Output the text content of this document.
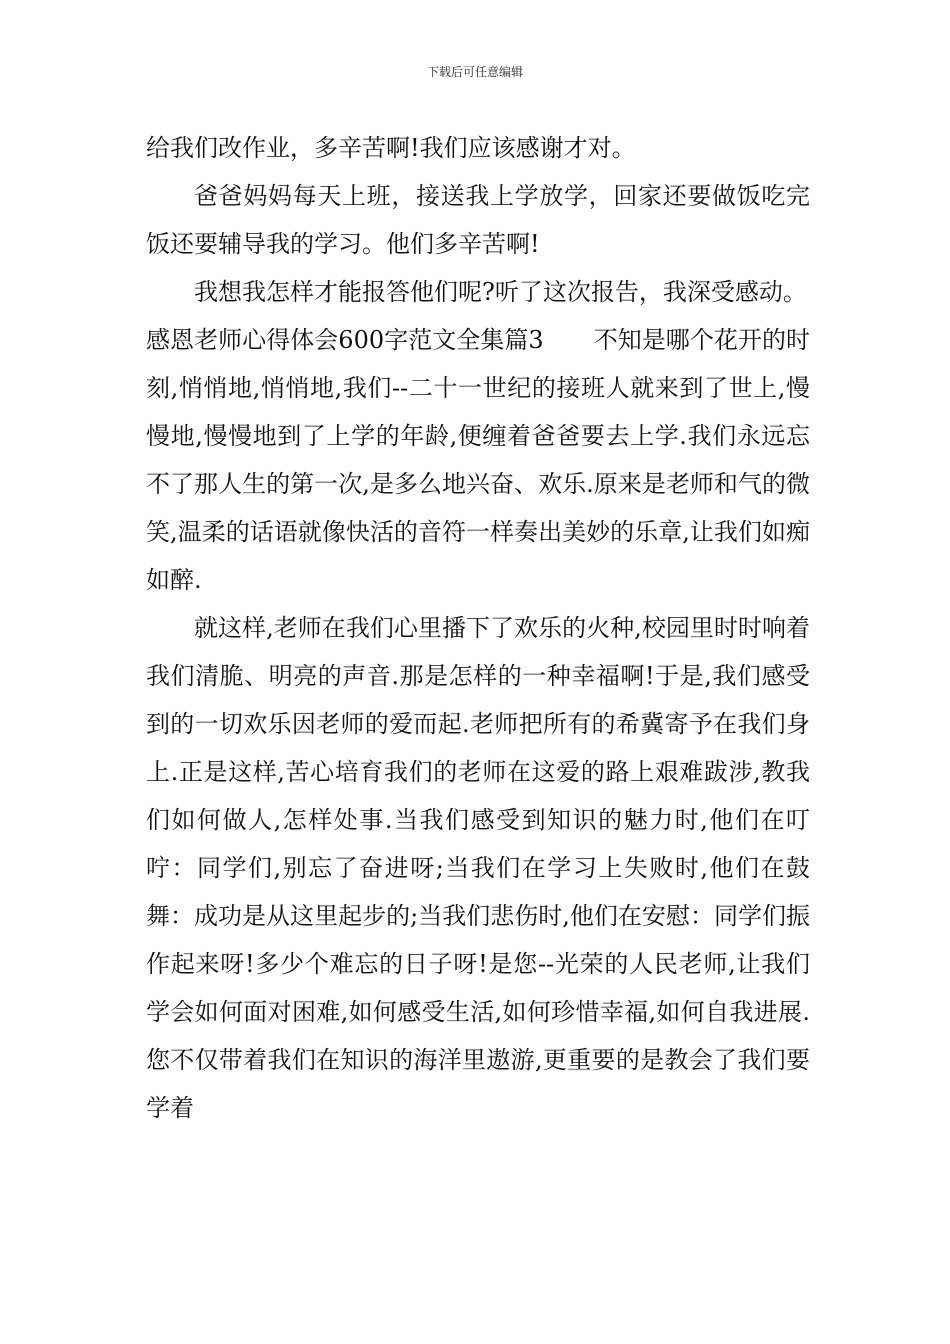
下载后可任意编辑

给我们改作业，多辛苦啊!我们应该感谢才对。

爸爸妈妈每天上班，接送我上学放学，回家还要做饭吃完饭还要辅导我的学习。他们多辛苦啊!

我想我怎样才能报答他们呢?听了这次报告，我深受感动。

感恩老师心得体会600字范文全集篇3 不知是哪个花开的时刻,悄悄地,悄悄地,我们--二十一世纪的接班人就来到了世上,慢慢地,慢慢地到了上学的年龄,便缠着爸爸要去上学.我们永远忘不了那人生的第一次,是多么地兴奋、欢乐.原来是老师和气的微笑,温柔的话语就像快活的音符一样奏出美妙的乐章,让我们如痴如醉.

就这样,老师在我们心里播下了欢乐的火种,校园里时时响着我们清脆、明亮的声音.那是怎样的一种幸福啊!于是,我们感受到的一切欢乐因老师的爱而起.老师把所有的希冀寄予在我们身上.正是这样,苦心培育我们的老师在这爱的路上艰难跋涉,教我们如何做人,怎样处事.当我们感受到知识的魅力时,他们在叮咛：同学们,别忘了奋进呀;当我们在学习上失败时,他们在鼓舞：成功是从这里起步的;当我们悲伤时,他们在安慰：同学们振作起来呀!多少个难忘的日子呀!是您--光荣的人民老师,让我们学会如何面对困难,如何感受生活,如何珍惜幸福,如何自我进展.您不仅带着我们在知识的海洋里遨游,更重要的是教会了我们要学着
